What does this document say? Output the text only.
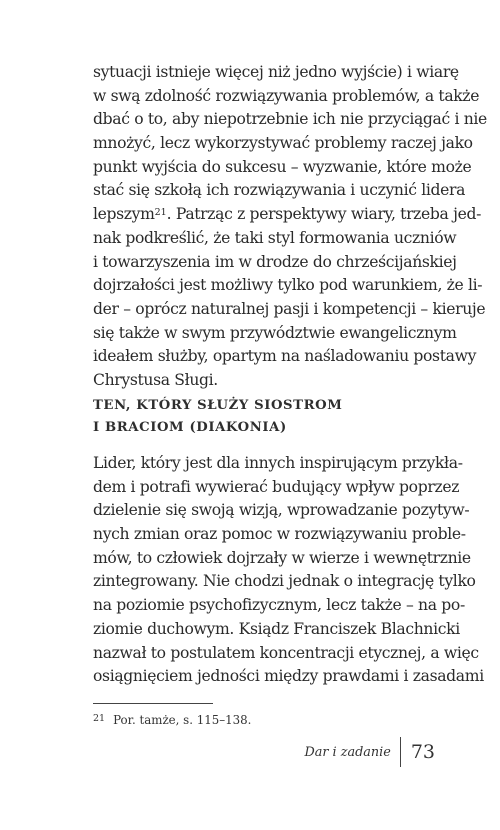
sytuacji istnieje więcej niż jedno wyjście) i wiarę
w swą zdolność rozwiązywania problemów, a także
dbać o to, aby niepotrzebnie ich nie przyciągać i nie
mnożyć, lecz wykorzystywać problemy raczej jako
punkt wyjścia do sukcesu – wyzwanie, które może
stać się szkołą ich rozwiązywania i uczynić lidera
lepszym$^{21}$. Patrząc z perspektywy wiary, trzeba jed-
nak podkreślić, że taki styl formowania uczniów
i towarzyszenia im w drodze do chrześcijańskiej
dojrzałości jest możliwy tylko pod warunkiem, że li-
der – oprócz naturalnej pasji i kompetencji – kieruje
się także w swym przywództwie ewangelicznym
ideałem służby, opartym na naśladowaniu postawy
Chrystusa Sługi.
TEN, KTÓRY SŁUŻY SIOSTROM
I BRACIOM (DIAKONIA)
Lider, który jest dla innych inspirującym przykła-
dem i potrafi wywierać budujący wpływ poprzez
dzielenie się swoją wizją, wprowadzanie pozytyw-
nych zmian oraz pomoc w rozwiązywaniu proble-
mów, to człowiek dojrzały w wierze i wewnętrznie
zintegrowany. Nie chodzi jednak o integrację tylko
na poziomie psychofizycznym, lecz także – na po-
ziomie duchowym. Ksiądz Franciszek Blachnicki
nazwał to postulatem koncentracji etycznej, a więc
osiągnięciem jedności między prawdami i zasadami
$^{21}$ Por. tamże, s. 115–138.
Dar i zadanie 73
